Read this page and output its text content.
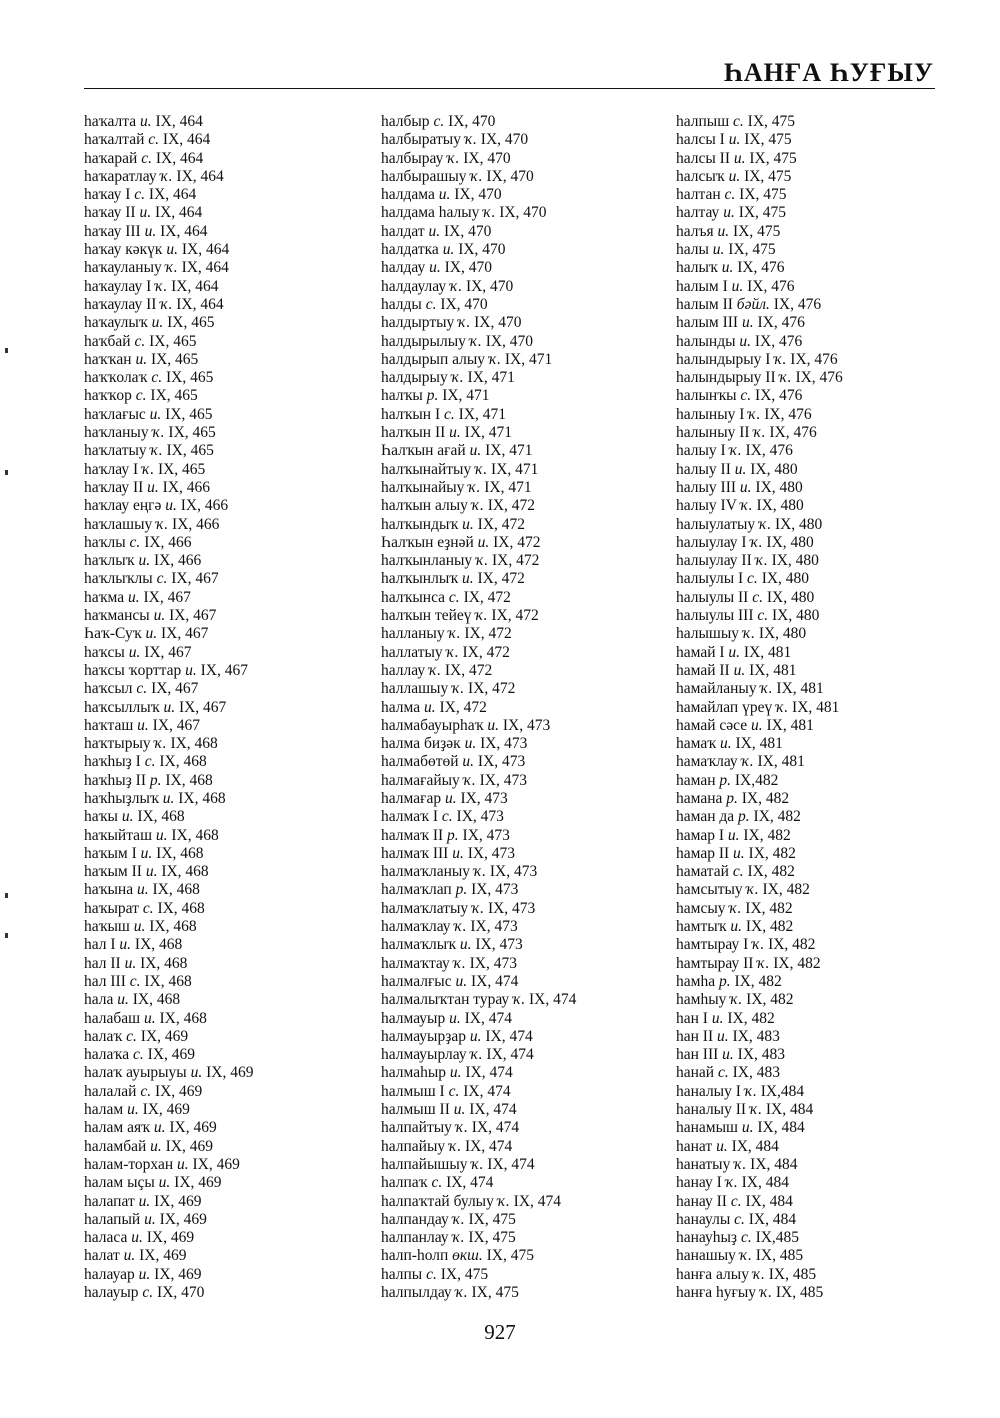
ҺАНҒА ҺУҒЫУ
һаҡалта и. IX, 464
һаҡалтай с. IX, 464
һаҡарай с. IX, 464
һаҡаратлау ҡ. IX, 464
һаҡау I с. IX, 464
һаҡау II и. IX, 464
һаҡау III и. IX, 464
һаҡау кәкүк и. IX, 464
һаҡауланыу ҡ. IX, 464
һаҡаулау I ҡ. IX, 464
һаҡаулау II ҡ. IX, 464
һаҡаулыҡ и. IX, 465
һаҡбай с. IX, 465
һаҡҡан и. IX, 465
һаҡҡолаҡ с. IX, 465
һаҡҡор с. IX, 465
һаҡлағыс и. IX, 465
һаҡланыу ҡ. IX, 465
һаҡлатыу ҡ. IX, 465
һаҡлау I ҡ. IX, 465
һаҡлау II и. IX, 466
һаҡлау еңгә и. IX, 466
һаҡлашыу ҡ. IX, 466
һаҡлы с. IX, 466
һаҡлыҡ и. IX, 466
һаҡлыҡлы с. IX, 467
һаҡма и. IX, 467
һаҡмансы и. IX, 467
Һаҡ-Суҡ и. IX, 467
һаҡсы и. IX, 467
һаҡсы ҡорттар и. IX, 467
һаҡсыл с. IX, 467
һаҡсыллыҡ и. IX, 467
һаҡташ и. IX, 467
һаҡтырыу ҡ. IX, 468
һаҡһыҙ I с. IX, 468
һаҡһыҙ II р. IX, 468
һаҡһыҙлыҡ и. IX, 468
һаҡы и. IX, 468
һаҡыйташ и. IX, 468
һаҡым I и. IX, 468
һаҡым II и. IX, 468
һаҡына и. IX, 468
һаҡырат с. IX, 468
һаҡыш и. IX, 468
һал I и. IX, 468
һал II и. IX, 468
һал III с. IX, 468
һала и. IX, 468
һалабаш и. IX, 468
һалаҡ с. IX, 469
һалаҡа с. IX, 469
һалаҡ ауырыуы и. IX, 469
һалалай с. IX, 469
һалам и. IX, 469
һалам аяҡ и. IX, 469
һаламбай и. IX, 469
һалам-торхан и. IX, 469
һалам ыҫы и. IX, 469
һалапат и. IX, 469
һалапый и. IX, 469
һаласа и. IX, 469
һалат и. IX, 469
һалауар и. IX, 469
һалауыр с. IX, 470
һалбыр с. IX, 470
һалбыратыу ҡ. IX, 470
һалбырау ҡ. IX, 470
һалбырашыу ҡ. IX, 470
һалдама и. IX, 470
һалдама һалыу ҡ. IX, 470
һалдат и. IX, 470
һалдатка и. IX, 470
һалдау и. IX, 470
һалдаулау ҡ. IX, 470
һалды с. IX, 470
һалдыртыу ҡ. IX, 470
һалдырылыу ҡ. IX, 470
һалдырып алыу ҡ. IX, 471
һалдырыу ҡ. IX, 471
һалҡы р. IX, 471
һалҡын I с. IX, 471
һалҡын II и. IX, 471
Һалҡын ағай и. IX, 471
һалҡынайтыу ҡ. IX, 471
һалҡынайыу ҡ. IX, 471
һалҡын алыу ҡ. IX, 472
һалҡындыҡ и. IX, 472
Һалҡын еҙнәй и. IX, 472
һалҡынланыу ҡ. IX, 472
һалҡынлыҡ и. IX, 472
һалҡынса с. IX, 472
һалҡын тейеү ҡ. IX, 472
һалланыу ҡ. IX, 472
һаллатыу ҡ. IX, 472
һаллау ҡ. IX, 472
һаллашыу ҡ. IX, 472
һалма и. IX, 472
һалмабауырһаҡ и. IX, 473
һалма биҙәк и. IX, 473
һалмабөтөй и. IX, 473
һалмағайыу ҡ. IX, 473
һалмағар и. IX, 473
һалмаҡ I с. IX, 473
һалмаҡ II р. IX, 473
һалмаҡ III и. IX, 473
һалмаҡланыу ҡ. IX, 473
һалмаҡлап р. IX, 473
һалмаҡлатыу ҡ. IX, 473
һалмаҡлау ҡ. IX, 473
һалмаҡлыҡ и. IX, 473
һалмаҡтау ҡ. IX, 473
һалмалғыс и. IX, 474
һалмалыҡтан турау ҡ. IX, 474
һалмауыр и. IX, 474
һалмауырҙар и. IX, 474
һалмауырлау ҡ. IX, 474
һалмаһыр и. IX, 474
һалмыш I с. IX, 474
һалмыш II и. IX, 474
һалпайтыу ҡ. IX, 474
һалпайыу ҡ. IX, 474
һалпайышыу ҡ. IX, 474
һалпаҡ с. IX, 474
һалпаҡтай булыу ҡ. IX, 474
һалпандау ҡ. IX, 475
һалпанлау ҡ. IX, 475
һалп-һолп өкш. IX, 475
һалпы с. IX, 475
һалпылдау ҡ. IX, 475
һалпыш с. IX, 475
һалсы I и. IX, 475
һалсы II и. IX, 475
һалсыҡ и. IX, 475
һалтан с. IX, 475
һалтау и. IX, 475
һалъя и. IX, 475
һалы и. IX, 475
һалыҡ и. IX, 476
һалым I и. IX, 476
һалым II бәйл. IX, 476
һалым III и. IX, 476
һалынды и. IX, 476
һалындырыу I ҡ. IX, 476
һалындырыу II ҡ. IX, 476
һалынҡы с. IX, 476
һалыныу I ҡ. IX, 476
һалыныу II ҡ. IX, 476
һалыу I ҡ. IX, 476
һалыу II и. IX, 480
һалыу III и. IX, 480
һалыу IV ҡ. IX, 480
һалыулатыу ҡ. IX, 480
һалыулау I ҡ. IX, 480
һалыулау II ҡ. IX, 480
һалыулы I с. IX, 480
һалыулы II с. IX, 480
һалыулы III с. IX, 480
һалышыу ҡ. IX, 480
һамай I и. IX, 481
һамай II и. IX, 481
һамайланыу ҡ. IX, 481
һамайлап үреү ҡ. IX, 481
һамай сәсе и. IX, 481
һамаҡ и. IX, 481
һамаҡлау ҡ. IX, 481
һаман р. IX,482
һамана р. IX, 482
һаман да р. IX, 482
һамар I и. IX, 482
һамар II и. IX, 482
һаматай с. IX, 482
һамсытыу ҡ. IX, 482
һамсыу ҡ. IX, 482
һамтыҡ и. IX, 482
һамтырау I ҡ. IX, 482
һамтырау II ҡ. IX, 482
һамһа р. IX, 482
һамһыу ҡ. IX, 482
һан I и. IX, 482
һан II и. IX, 483
һан III и. IX, 483
һанай с. IX, 483
һаналыу I ҡ. IX,484
һаналыу II ҡ. IX, 484
һанамыш и. IX, 484
һанат и. IX, 484
һанатыу ҡ. IX, 484
һанау I ҡ. IX, 484
һанау II с. IX, 484
һанаулы с. IX, 484
һанауһыҙ с. IX,485
һанашыу ҡ. IX, 485
һанға алыу ҡ. IX, 485
һанға һуғыу ҡ. IX, 485
927
